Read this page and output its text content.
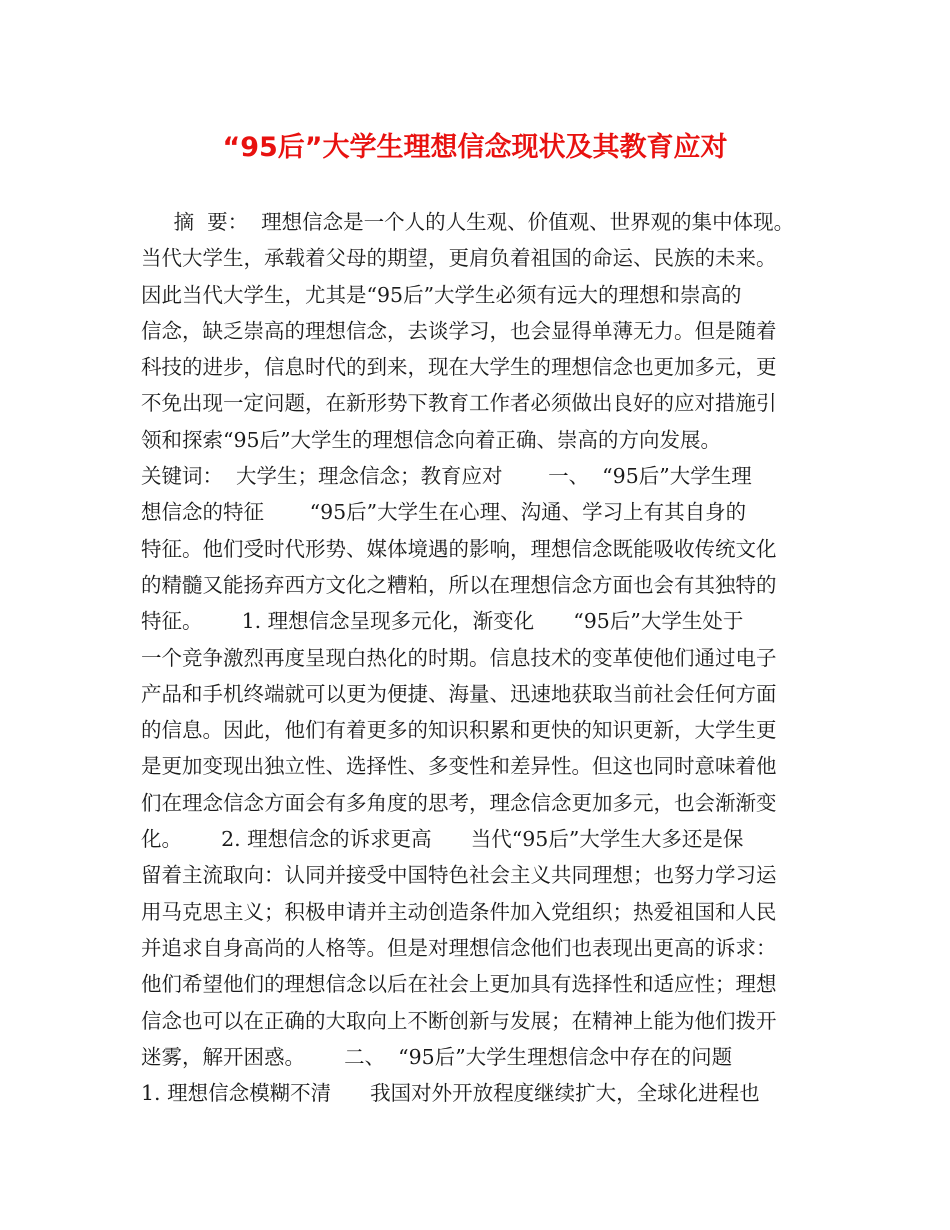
“95后”大学生理想信念现状及其教育应对
摘  要：  理想信念是一个人的人生观、价值观、世界观的集中体现。
当代大学生，承载着父母的期望，更肩负着祖国的命运、民族的未来。
因此当代大学生，尤其是“95后”大学生必须有远大的理想和崇高的
信念，缺乏崇高的理想信念，去谈学习，也会显得单薄无力。但是随着
科技的进步，信息时代的到来，现在大学生的理想信念也更加多元，更
不免出现一定问题，在新形势下教育工作者必须做出良好的应对措施引
领和探索“95后”大学生的理想信念向着正确、崇高的方向发展。
关键词：  大学生；理念信念；教育应对       一、  “95后”大学生理
想信念的特征       “95后”大学生在心理、沟通、学习上有其自身的
特征。他们受时代形势、媒体境遇的影响，理想信念既能吸收传统文化
的精髓又能扬弃西方文化之糟粕，所以在理想信念方面也会有其独特的
特征。      1. 理想信念呈现多元化，渐变化      “95后”大学生处于
一个竞争激烈再度呈现白热化的时期。信息技术的变革使他们通过电子
产品和手机终端就可以更为便捷、海量、迅速地获取当前社会任何方面
的信息。因此，他们有着更多的知识积累和更快的知识更新，大学生更
是更加变现出独立性、选择性、多变性和差异性。但这也同时意味着他
们在理念信念方面会有多角度的思考，理念信念更加多元，也会渐渐变
化。      2. 理想信念的诉求更高      当代“95后”大学生大多还是保
留着主流取向：认同并接受中国特色社会主义共同理想；也努力学习运
用马克思主义；积极申请并主动创造条件加入党组织；热爱祖国和人民
并追求自身高尚的人格等。但是对理想信念他们也表现出更高的诉求：
他们希望他们的理想信念以后在社会上更加具有选择性和适应性；理想
信念也可以在正确的大取向上不断创新与发展；在精神上能为他们拨开
迷雾，解开困惑。      二、  “95后”大学生理想信念中存在的问题
1. 理想信念模糊不清      我国对外开放程度继续扩大，全球化进程也
